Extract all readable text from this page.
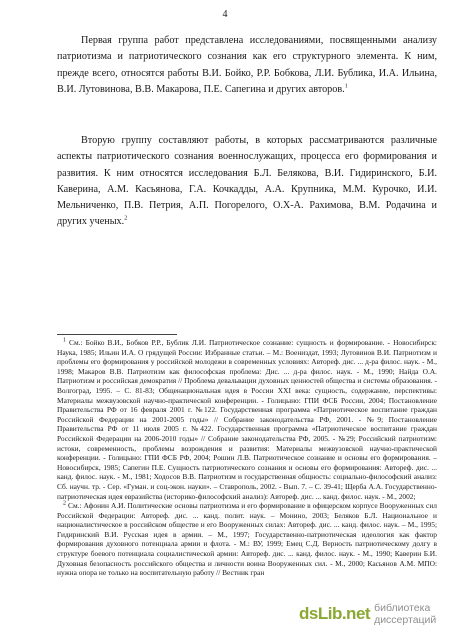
4

Первая группа работ представлена исследованиями, посвященными анализу патриотизма и патриотического сознания как его структурного элемента. К ним, прежде всего, относятся работы В.И. Бойко, Р.Р. Бобкова, Л.И. Бублика, И.А. Ильина, В.И. Лутовинова, В.В. Макарова, П.Е. Сапегина и других авторов.$^1$

Вторую группу составляют работы, в которых рассматриваются различные аспекты патриотического сознания военнослужащих, процесса его формирования и развития. К ним относятся исследования Б.Л. Белякова, В.И. Гидиринского, Б.И. Каверина, А.М. Касьянова, Г.А. Кочкадды, А.А. Крупника, М.М. Курочко, И.И. Мельниченко, П.В. Петрия, А.П. Погорелого, О.Х-А. Рахимова, В.М. Родачина и других ученых.$^2$

$^1$ См.: Бойко В.И., Бобков Р.Р., Бублик Л.И. Патриотическое сознание: сущность и формирование. - Новосибирск: Наука, 1985; Ильин И.А. О грядущей России: Избранные статьи. – М.: Воениздат, 1993; Лутовинов В.И. Патриотизм и проблемы его формирования у российской молодежи в современных условиях: Автореф. дис. ... д-ра филос. наук. - М., 1998; Макаров В.В. Патриотизм как философская проблема: Дис. ... д-ра филос. наук. - М., 1990; Найда О.А. Патриотизм и российская демократия // Проблема девальвации духовных ценностей общества и системы образования. - Волгоград, 1995. – С. 81-83; Общенациональная идея в России XXI века: сущность, содержание, перспективы: Материалы межвузовской научно-практической конференции. - Голицыно: ГПИ ФСБ России, 2004; Постановление Правительства РФ от 16 февраля 2001 г. №122. Государственная программа «Патриотическое воспитание граждан Российской Федерации на 2001-2005 годы» // Собрание законодательства РФ, 2001. - №9; Постановление Правительства РФ от 11 июля 2005 г. №422. Государственная программа «Патриотическое воспитание граждан Российской Федерации на 2006-2010 годы» // Собрание законодательства РФ, 2005. - №29; Российский патриотизм: истоки, современность, проблемы возрождения и развития: Материалы межвузовской научно-практической конференции. - Голицыно: ГПИ ФСБ РФ, 2004; Рошин Л.В. Патриотическое сознание и основы его формирования. – Новосибирск, 1985; Сапегин П.Е. Сущность патриотического сознания и основы его формирования: Автореф. дис. ... канд. филос. наук. - М., 1981; Ходосов В.В. Патриотизм и государственная общность: социально-философский анализ: Сб. научн. тр. - Сер. «Гуман. и соц-экон. науки». – Ставрополь, 2002. - Вып. 7. – С. 39-41; Щерба А.А. Государственно-патриотическая идея евразийства (историко-философский анализ): Автореф. дис. ... канд. филос. наук. - М., 2002;

$^2$ См.: Афонин А.И. Политические основы патриотизма и его формирование в офицерском корпусе Вооруженных сил Российской Федерации: Автореф. дис. ... канд. полит. наук. – Монино, 2003; Беляков Б.Л. Национальное и националистическое в российском обществе и его Вооруженных силах: Автореф. дис. ... канд. филос. наук. – М., 1995; Гидиринский В.И. Русская идея в армии. – М., 1997; Государственно-патриотическая идеология как фактор формирования духовного потенциала армии и флота. - М.: ВУ, 1999; Емец С.Д. Верность патриотическому долгу в структуре боевого потенциала социалистической армии: Автореф. дис. ... канд. филос. наук. - М., 1990; Каверин Б.И. Духовная безопасность российского общества и личности воина Вооруженных сил. - М., 2000; Касьянов А.М. МПО: нужна опора не только на воспитательную работу // Вестник гран

dsLib.net библиотека диссертаций
